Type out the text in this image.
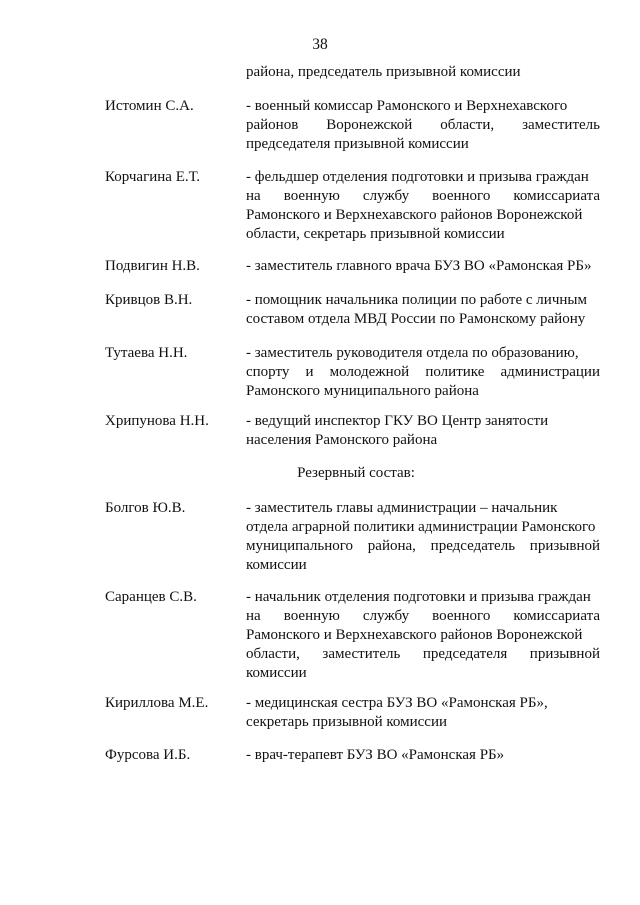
38
района, председатель призывной комиссии
Истомин С.А.	- военный комиссар Рамонского и Верхнехавского
районов Воронежской области, заместитель
председателя призывной комиссии
Корчагина Е.Т.	- фельдшер отделения подготовки и призыва граждан
на военную службу военного комиссариата
Рамонского и Верхнехавского районов Воронежской
области, секретарь призывной комиссии
Подвигин Н.В.	- заместитель главного врача БУЗ ВО «Рамонская РБ»
Кривцов В.Н.	- помощник начальника полиции по работе с личным
составом отдела МВД России по Рамонскому району
Тутаева Н.Н.	- заместитель руководителя отдела по образованию,
спорту и молодежной политике администрации
Рамонского муниципального района
Хрипунова Н.Н. - ведущий инспектор ГКУ ВО Центр занятости
населения Рамонского района
Резервный состав:
Болгов Ю.В.	- заместитель главы администрации – начальник
отдела аграрной политики администрации Рамонского
муниципального района, председатель призывной
комиссии
Саранцев С.В.	- начальник отделения подготовки и призыва граждан
на военную службу военного комиссариата
Рамонского и Верхнехавского районов Воронежской
области, заместитель председателя призывной
комиссии
Кириллова М.Е.	- медицинская сестра БУЗ ВО «Рамонская РБ»,
секретарь призывной комиссии
Фурсова И.Б.	- врач-терапевт БУЗ ВО «Рамонская РБ»
